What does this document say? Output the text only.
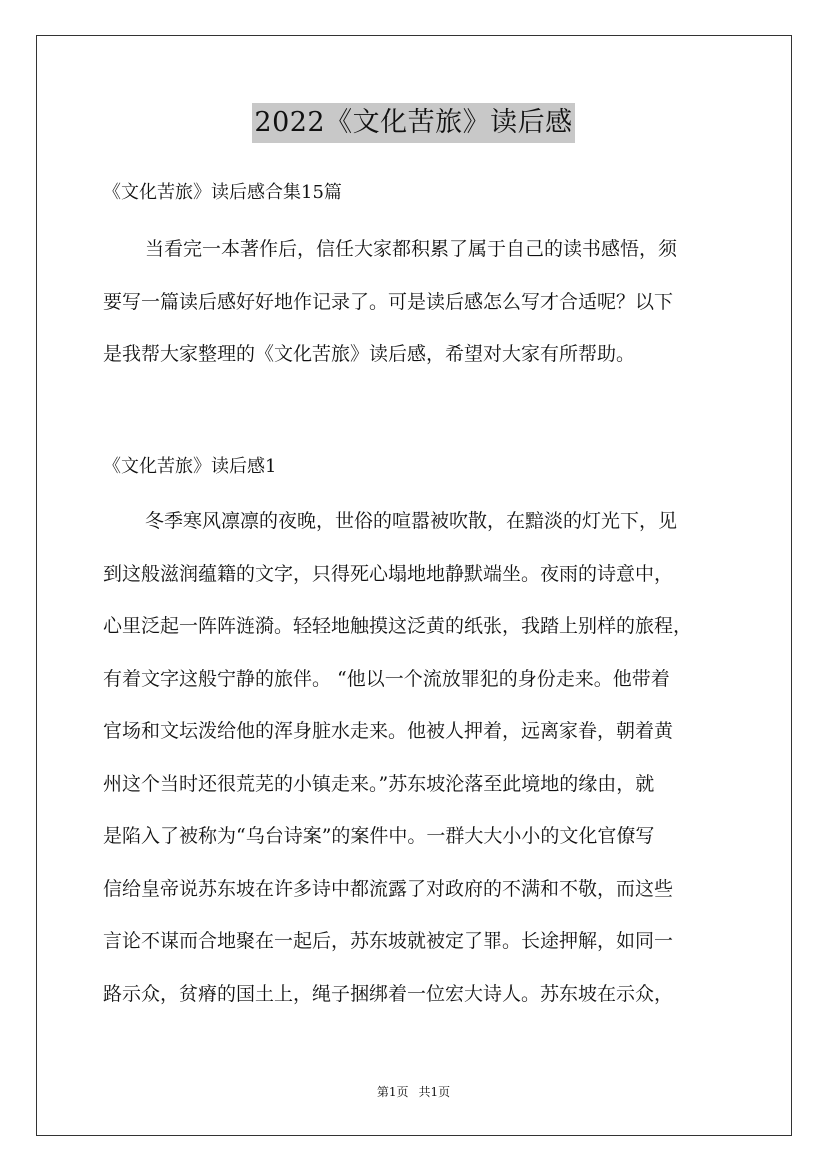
2022《文化苦旅》读后感
《文化苦旅》读后感合集15篇
当看完一本著作后，信任大家都积累了属于自己的读书感悟，须
要写一篇读后感好好地作记录了。可是读后感怎么写才合适呢？以下
是我帮大家整理的《文化苦旅》读后感，希望对大家有所帮助。
《文化苦旅》读后感1
冬季寒风凛凛的夜晚，世俗的喧嚣被吹散，在黯淡的灯光下，见
到这般滋润蕴籍的文字，只得死心塌地地静默端坐。夜雨的诗意中，
心里泛起一阵阵涟漪。轻轻地触摸这泛黄的纸张，我踏上别样的旅程，
有着文字这般宁静的旅伴。 “他以一个流放罪犯的身份走来。他带着
官场和文坛泼给他的浑身脏水走来。他被人押着，远离家眷，朝着黄
州这个当时还很荒芜的小镇走来。”苏东坡沦落至此境地的缘由，就
是陷入了被称为“乌台诗案”的案件中。一群大大小小的文化官僚写
信给皇帝说苏东坡在许多诗中都流露了对政府的不满和不敬，而这些
言论不谋而合地聚在一起后，苏东坡就被定了罪。长途押解，如同一
路示众，贫瘠的国土上，绳子捆绑着一位宏大诗人。苏东坡在示众，
第1页 共1页
